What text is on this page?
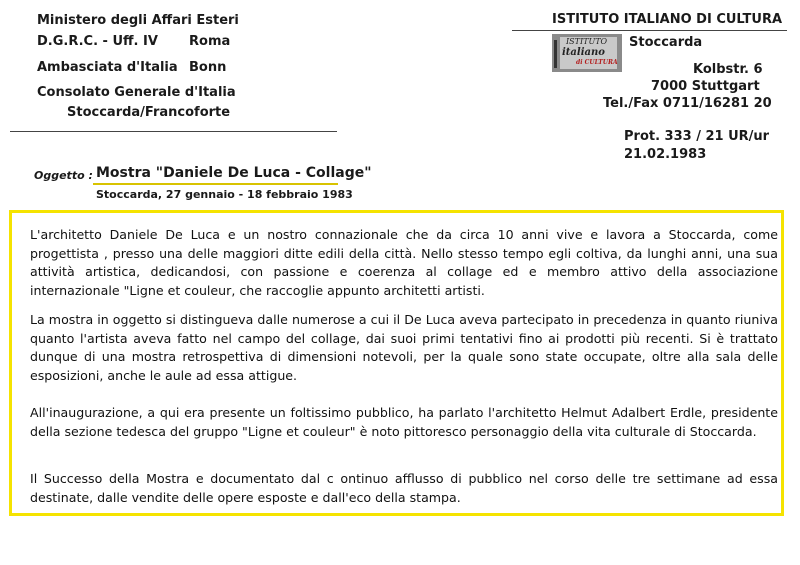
Ministero degli Affari Esteri
D.G.R.C. - Uff. IV Roma
Ambasciata d'Italia Bonn
Consolato Generale d'Italia
Stoccarda/Francoforte
ISTITUTO ITALIANO DI CULTURA
ISTITUTO
italiano
di CULTURA
Stoccarda
Kolbstr. 6
7000 Stuttgart
Tel./Fax 0711/16281 20
Prot. 333 / 21 UR/ur
21.02.1983
Oggetto : Mostra "Daniele De Luca - Collage"
Stoccarda, 27 gennaio - 18 febbraio 1983

L'architetto Daniele De Luca e un nostro connazionale che da circa 10 anni vive e lavora a Stoccarda, come progettista , presso una delle maggiori ditte edili della città. Nello stesso tempo egli coltiva, da lunghi anni, una sua attività artistica, dedicandosi, con passione e coerenza al collage ed e membro attivo della associazione internazionale "Ligne et couleur, che raccoglie appunto architetti artisti.

La mostra in oggetto si distingueva dalle numerose a cui il De Luca aveva partecipato in precedenza in quanto riuniva quanto l'artista aveva fatto nel campo del collage, dai suoi primi tentativi fino ai prodotti più recenti. Si è trattato dunque di una mostra retrospettiva di dimensioni notevoli, per la quale sono state occupate, oltre alla sala delle esposizioni, anche le aule ad essa attigue.

All'inaugurazione, a qui era presente un foltissimo pubblico, ha parlato l'architetto Helmut Adalbert Erdle, presidente della sezione tedesca del gruppo "Ligne et couleur" è noto pittoresco personaggio della vita culturale di Stoccarda.

Il Successo della Mostra e documentato dal c ontinuo afflusso di pubblico nel corso delle tre settimane ad essa destinate, dalle vendite delle opere esposte e dall'eco della stampa.
